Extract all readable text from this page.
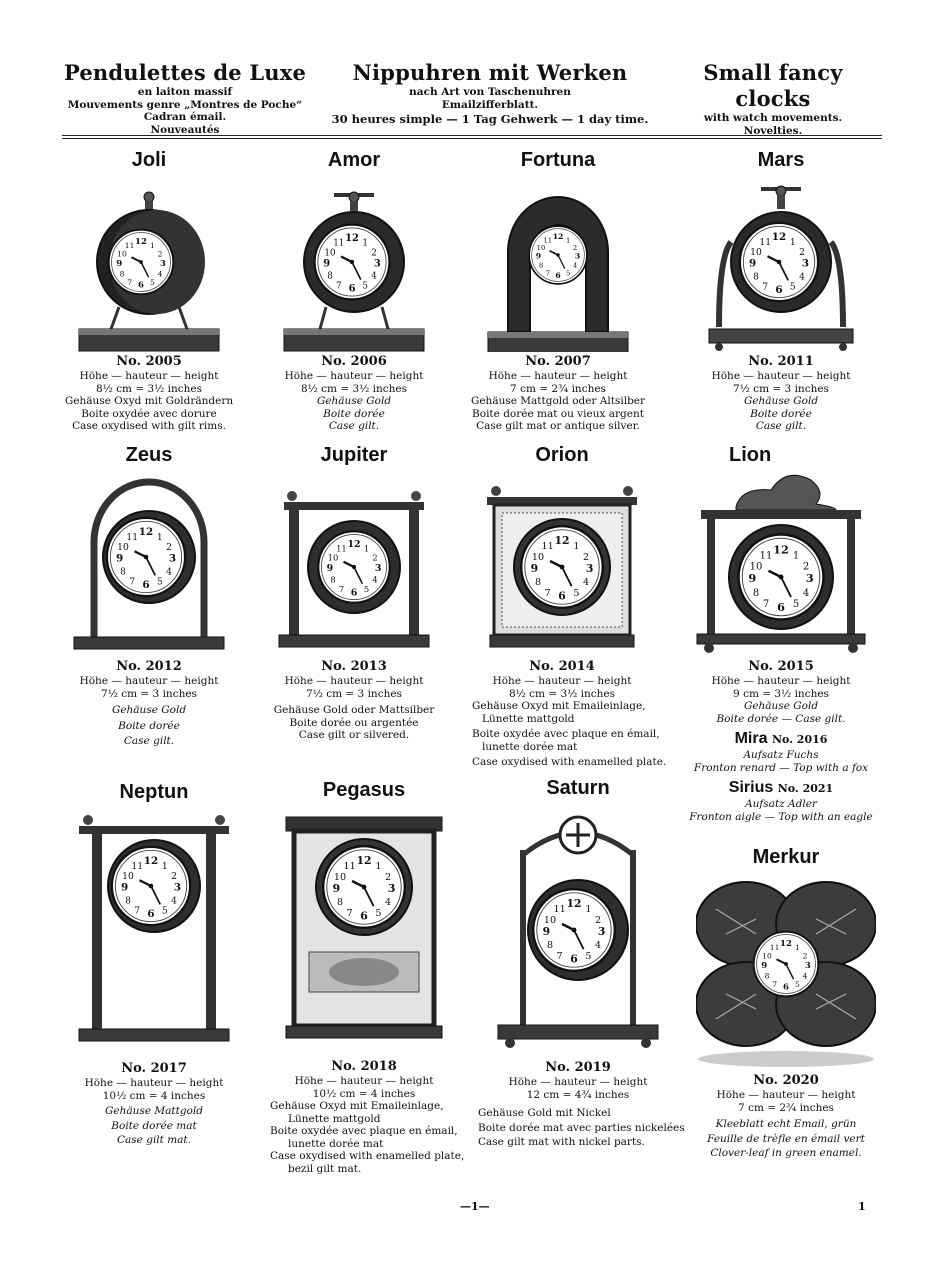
Pendulettes de Luxe
en laiton massif
Mouvements genre „Montres de Poche“
Cadran émail.
Nouveautés
Nippuhren mit Werken
nach Art von Taschenuhren
Emailzifferblatt.
30 heures simple — 1 Tag Gehwerk — 1 day time.
Small fancy clocks
with watch movements.
Novelties.
Joli
No. 2005
Höhe — hauteur — height
8½ cm = 3½ inches
Gehäuse Oxyd mit Goldrändern
Boite oxydée avec dorure
Case oxydised with gilt rims.
Amor
No. 2006
Höhe — hauteur — height
8½ cm = 3½ inches
Gehäuse Gold
Boite dorée
Case gilt.
Fortuna
No. 2007
Höhe — hauteur — height
7 cm = 2¾ inches
Gehäuse Mattgold oder Altsilber
Boite dorée mat ou vieux argent
Case gilt mat or antique silver.
Mars
No. 2011
Höhe — hauteur — height
7½ cm = 3 inches
Gehäuse Gold
Boite dorée
Case gilt.
Zeus
No. 2012
Höhe — hauteur — height
7½ cm = 3 inches
Gehäuse Gold
Boite dorée
Case gilt.
Jupiter
No. 2013
Höhe — hauteur — height
7½ cm = 3 inches
Gehäuse Gold oder Mattsilber
Boite dorée ou argentée
Case gilt or silvered.
Orion
No. 2014
Höhe — hauteur — height
8½ cm = 3½ inches
Gehäuse Oxyd mit Emaileinlage,
Lünette mattgold
Boite oxydée avec plaque en émail,
lunette dorée mat
Case oxydised with enamelled plate.
Lion
No. 2015
Höhe — hauteur — height
9 cm = 3½ inches
Gehäuse Gold
Boite dorée — Case gilt.
Mira No. 2016
Aufsatz Fuchs
Fronton renard — Top with a fox
Sirius No. 2021
Aufsatz Adler
Fronton aigle — Top with an eagle
Neptun
No. 2017
Höhe — hauteur — height
10½ cm = 4 inches
Gehäuse Mattgold
Boite dorée mat
Case gilt mat.
Pegasus
No. 2018
Höhe — hauteur — height
10½ cm = 4 inches
Gehäuse Oxyd mit Emaileinlage,
Lünette mattgold
Boite oxydée avec plaque en émail,
lunette dorée mat
Case oxydised with enamelled plate,
bezil gilt mat.
Saturn
No. 2019
Höhe — hauteur — height
12 cm = 4¾ inches
Gehäuse Gold mit Nickel
Boite dorée mat avec parties nickelées
Case gilt mat with nickel parts.
Merkur
No. 2020
Höhe — hauteur — height
7 cm = 2¾ inches
Kleeblatt echt Email, grün
Feuille de trèfle en émail vert
Clover-leaf in green enamel.
—1—	1
